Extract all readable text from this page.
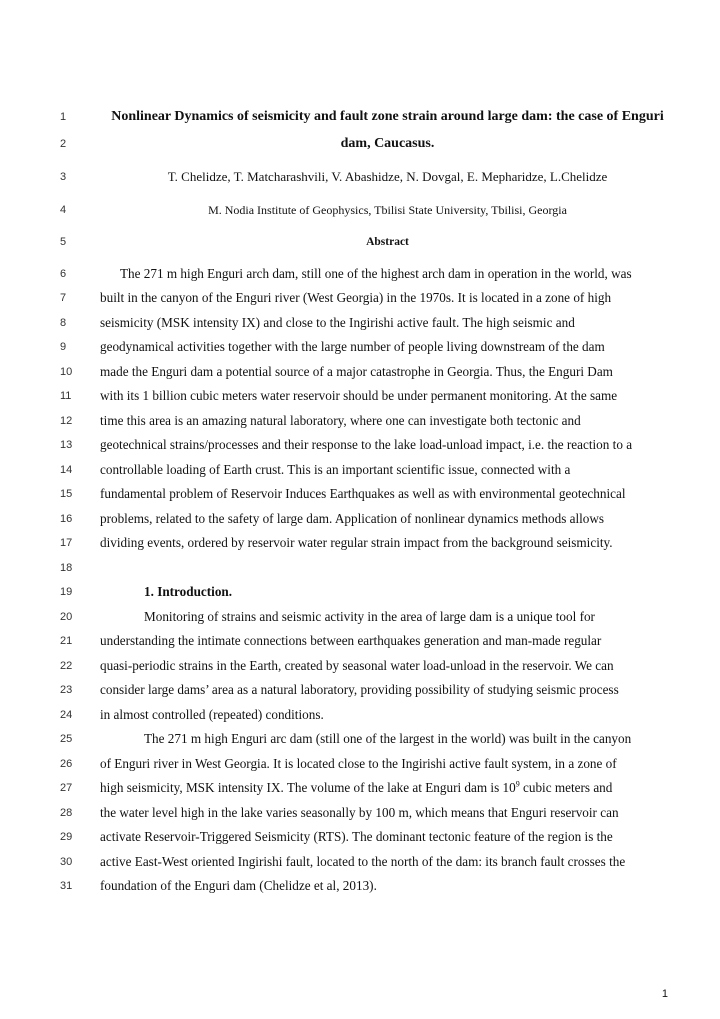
1
2
3
4
5
6
7
8
9
10
11
12
13
14
15
16
17
18
19
20
21
22
23
24
25
26
27
28
29
30
31
Nonlinear Dynamics of seismicity and fault zone strain around large dam: the case of Enguri
dam, Caucasus.
T. Chelidze, T. Matcharashvili, V. Abashidze, N. Dovgal, E. Mepharidze, L.Chelidze
M. Nodia Institute of Geophysics, Tbilisi State University, Tbilisi, Georgia
Abstract
The 271 m high Enguri arch dam, still one of the highest arch dam in operation in the world, was
built in the canyon of the Enguri river (West Georgia) in the 1970s. It is located in a zone of high
seismicity (MSK intensity IX) and close to the Ingirishi active fault. The high seismic and
geodynamical activities together with the large number of people living downstream of the dam
made the Enguri dam a potential source of a major catastrophe in Georgia. Thus, the Enguri Dam
with its 1 billion cubic meters water reservoir should be under permanent monitoring. At the same
time this area is an amazing natural laboratory, where one can investigate both tectonic and
geotechnical strains/processes and their response to the lake load-unload impact, i.e. the reaction to a
controllable loading of Earth crust. This is an important scientific issue, connected with a
fundamental problem of Reservoir Induces Earthquakes as well as with environmental geotechnical
problems, related to the safety of large dam. Application of nonlinear dynamics methods allows
dividing events, ordered by reservoir water regular strain impact from the background seismicity.
1. Introduction.
Monitoring of strains and seismic activity in the area of large dam is a unique tool for
understanding the intimate connections between earthquakes generation and man-made regular
quasi-periodic strains in the Earth, created by seasonal water load-unload in the reservoir. We can
consider large dams’ area as a natural laboratory, providing possibility of studying seismic process
in almost controlled (repeated) conditions.
The 271 m high Enguri arc dam (still one of the largest in the world) was built in the canyon
of Enguri river in West Georgia. It is located close to the Ingirishi active fault system, in a zone of
high seismicity, MSK intensity IX. The volume of the lake at Enguri dam is $10^9$ cubic meters and
the water level high in the lake varies seasonally by 100 m, which means that Enguri reservoir can
activate Reservoir-Triggered Seismicity (RTS). The dominant tectonic feature of the region is the
active East-West oriented Ingirishi fault, located to the north of the dam: its branch fault crosses the
foundation of the Enguri dam (Chelidze et al, 2013).
1
